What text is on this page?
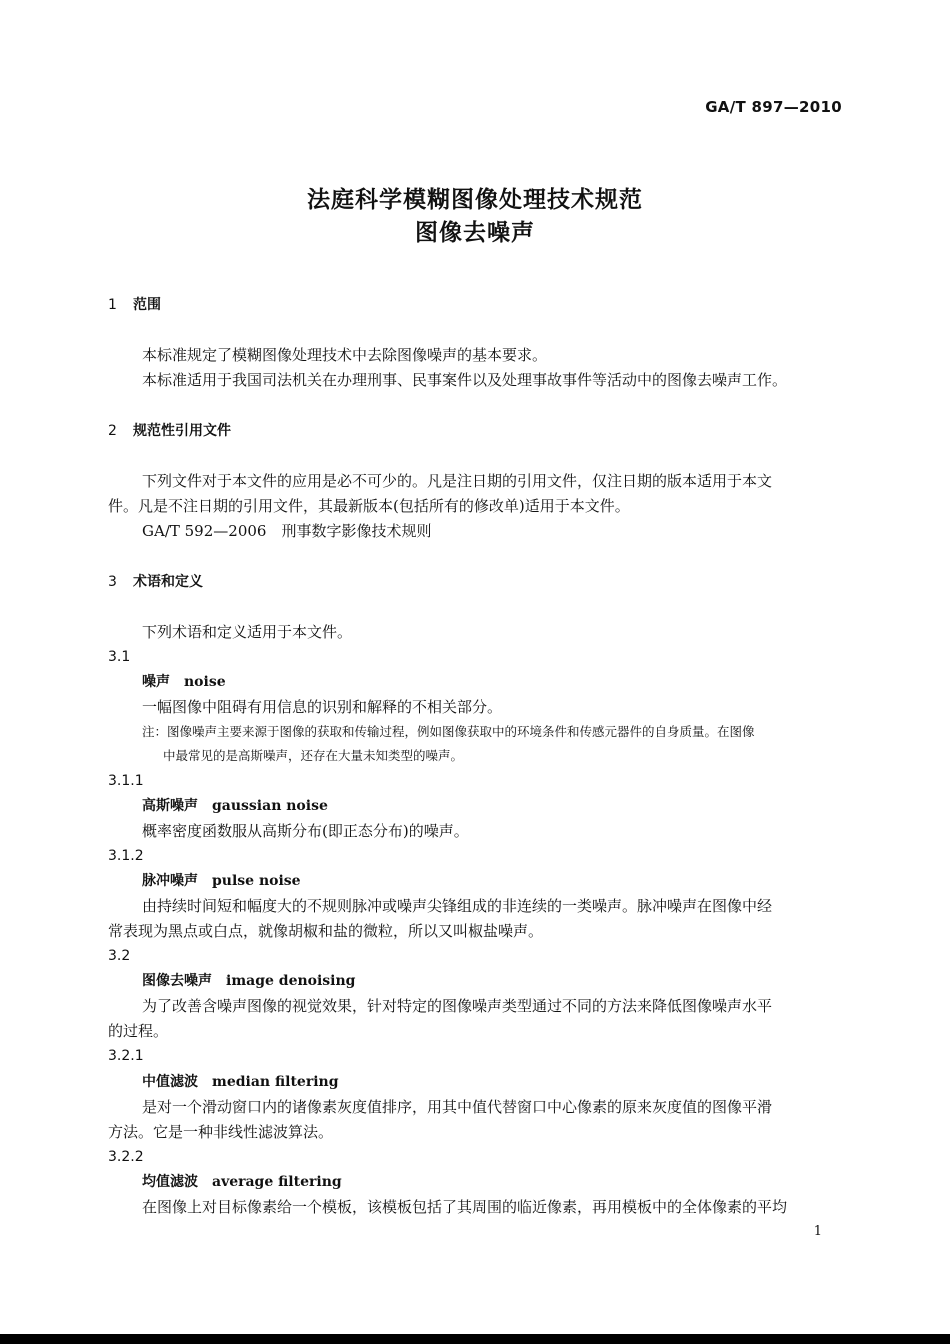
GA/T 897—2010
法庭科学模糊图像处理技术规范
图像去噪声
1 范围
本标准规定了模糊图像处理技术中去除图像噪声的基本要求。
本标准适用于我国司法机关在办理刑事、民事案件以及处理事故事件等活动中的图像去噪声工作。
2 规范性引用文件
下列文件对于本文件的应用是必不可少的。凡是注日期的引用文件，仅注日期的版本适用于本文
件。凡是不注日期的引用文件，其最新版本(包括所有的修改单)适用于本文件。
GA/T 592—2006　刑事数字影像技术规则
3 术语和定义
下列术语和定义适用于本文件。
3.1
噪声 noise
一幅图像中阻碍有用信息的识别和解释的不相关部分。
注：图像噪声主要来源于图像的获取和传输过程，例如图像获取中的环境条件和传感元器件的自身质量。在图像
中最常见的是高斯噪声，还存在大量未知类型的噪声。
3.1.1
高斯噪声 gaussian noise
概率密度函数服从高斯分布(即正态分布)的噪声。
3.1.2
脉冲噪声 pulse noise
由持续时间短和幅度大的不规则脉冲或噪声尖锋组成的非连续的一类噪声。脉冲噪声在图像中经
常表现为黑点或白点，就像胡椒和盐的微粒，所以又叫椒盐噪声。
3.2
图像去噪声 image denoising
为了改善含噪声图像的视觉效果，针对特定的图像噪声类型通过不同的方法来降低图像噪声水平
的过程。
3.2.1
中值滤波 median filtering
是对一个滑动窗口内的诸像素灰度值排序，用其中值代替窗口中心像素的原来灰度值的图像平滑
方法。它是一种非线性滤波算法。
3.2.2
均值滤波 average filtering
在图像上对目标像素给一个模板，该模板包括了其周围的临近像素，再用模板中的全体像素的平均
1
